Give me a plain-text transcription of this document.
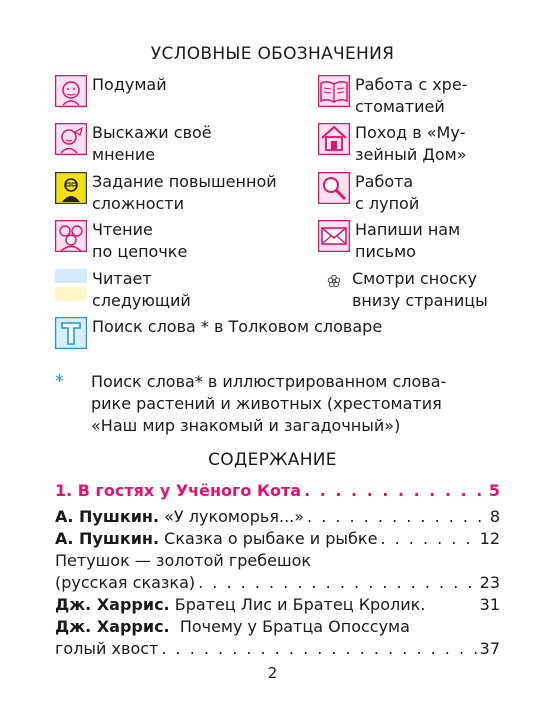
УСЛОВНЫЕ ОБОЗНАЧЕНИЯ
Подумай
Выскажи своё
мнение
Задание повышенной
сложности
Чтение
по цепочке
Читает
следующий
Поиск слова * в Толковом словаре
Работа с хре-
стоматией
Поход в «Му-
зейный Дом»
Работа
с лупой
Напиши нам
письмо
Смотри сноску
внизу страницы
*	Поиск слова* в иллюстрированном слова-
рике растений и животных (хрестоматия
«Наш мир знакомый и загадочный»)
СОДЕРЖАНИЕ
1. В гостях у Учёного Кота . . .	5
А. Пушкин.
«У лукоморья...» . . .	8
А. Пушкин.
Сказка о рыбаке и рыбке . . .	12
Петушок — золотой гребешок
(русская сказка) . . .	23
Дж. Харрис.
Братец Лис и Братец Кролик.	31
Дж. Харрис. Почему у Братца Опоссума
голый хвост . . .	37
2
